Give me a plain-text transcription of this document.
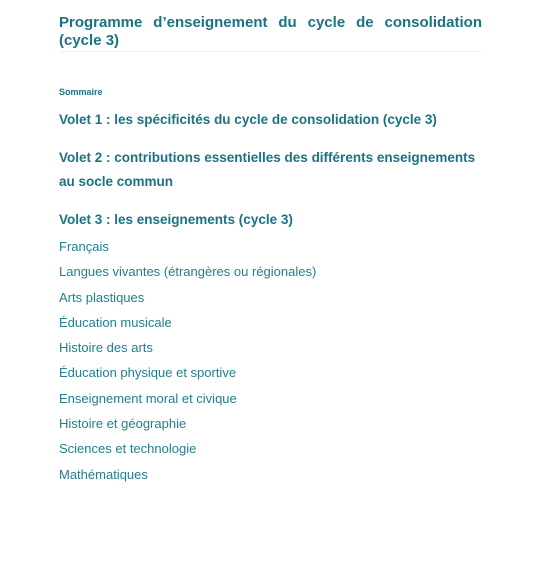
Programme d’enseignement du cycle de consolidation (cycle 3)
Sommaire
Volet 1 : les spécificités du cycle de consolidation (cycle 3)
Volet 2 : contributions essentielles des différents enseignements au socle commun
Volet 3 : les enseignements (cycle 3)
Français
Langues vivantes (étrangères ou régionales)
Arts plastiques
Éducation musicale
Histoire des arts
Éducation physique et sportive
Enseignement moral et civique
Histoire et géographie
Sciences et technologie
Mathématiques
